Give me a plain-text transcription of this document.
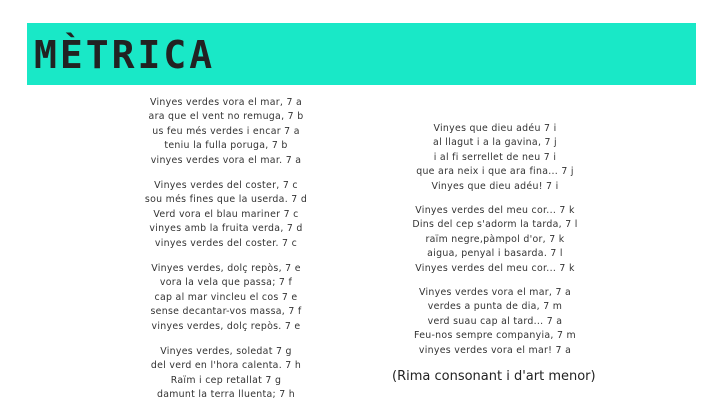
MÈTRICA
Vinyes verdes vora el mar, 7 a
ara que el vent no remuga, 7 b
us feu més verdes i encar 7 a
teniu la fulla poruga, 7 b
vinyes verdes vora el mar. 7 a
Vinyes verdes del coster, 7 c
sou més fines que la userda. 7 d
Verd vora el blau mariner 7 c
vinyes amb la fruita verda, 7 d
vinyes verdes del coster. 7 c
Vinyes verdes, dolç repòs, 7 e
vora la vela que passa; 7 f
cap al mar vincleu el cos 7 e
sense decantar-vos massa, 7 f
vinyes verdes, dolç repòs. 7 e
Vinyes verdes, soledat 7 g
del verd en l'hora calenta. 7 h
Raïm i cep retallat 7 g
damunt la terra lluenta; 7 h
Vinyes que dieu adéu 7 i
al llagut i a la gavina, 7 j
i al fi serrellet de neu 7 i
que ara neix i que ara fina... 7 j
Vinyes que dieu adéu! 7 i
Vinyes verdes del meu cor... 7 k
Dins del cep s'adorm la tarda, 7 l
raïm negre,pàmpol d'or, 7 k
aigua, penyal i basarda. 7 l
Vinyes verdes del meu cor... 7 k
Vinyes verdes vora el mar, 7 a
verdes a punta de dia, 7 m
verd suau cap al tard... 7 a
Feu-nos sempre companyia, 7 m
vinyes verdes vora el mar! 7 a
(Rima consonant i d'art menor)
